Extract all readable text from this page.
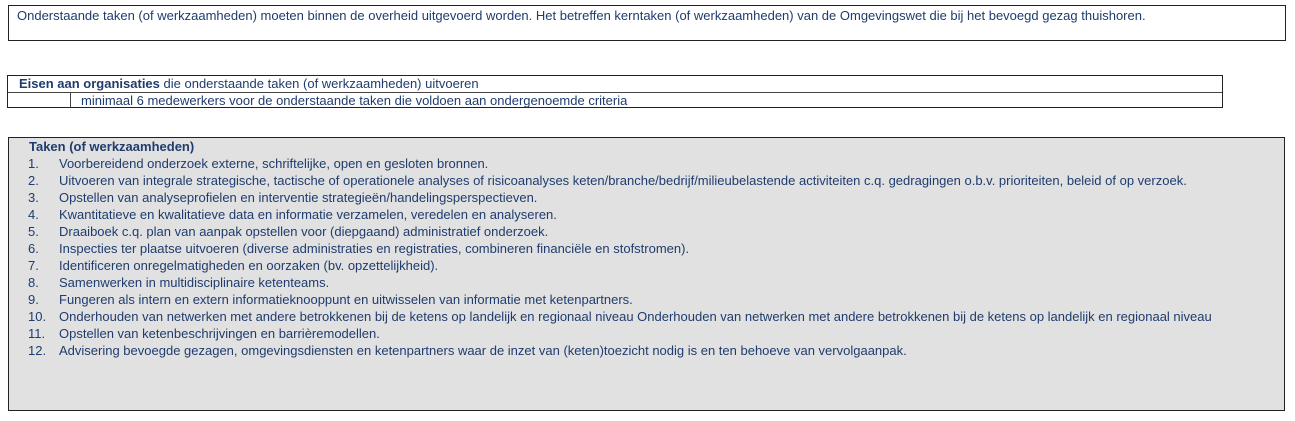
Onderstaande taken (of werkzaamheden) moeten binnen de overheid uitgevoerd worden. Het betreffen kerntaken (of werkzaamheden) van de Omgevingswet die bij het bevoegd gezag thuishoren.
Eisen aan organisaties die onderstaande taken (of werkzaamheden) uitvoeren
minimaal 6 medewerkers voor de onderstaande taken die voldoen aan ondergenoemde criteria
Taken (of werkzaamheden)
1.	Voorbereidend onderzoek externe, schriftelijke, open en gesloten bronnen.
2.	Uitvoeren van integrale strategische, tactische of operationele analyses of risicoanalyses keten/branche/bedrijf/milieubelastende activiteiten c.q. gedragingen o.b.v. prioriteiten, beleid of op verzoek.
3.	Opstellen van analyseprofielen en interventie strategieën/handelingsperspectieven.
4.	Kwantitatieve en kwalitatieve data en informatie verzamelen, veredelen en analyseren.
5.	Draaiboek c.q. plan van aanpak opstellen voor (diepgaand) administratief onderzoek.
6.	Inspecties ter plaatse uitvoeren (diverse administraties en registraties, combineren financiële en stofstromen).
7.	Identificeren onregelmatigheden en oorzaken (bv. opzettelijkheid).
8.	Samenwerken in multidisciplinaire ketenteams.
9.	Fungeren als intern en extern informatieknooppunt en uitwisselen van informatie met ketenpartners.
10. Onderhouden van netwerken met andere betrokkenen bij de ketens op landelijk en regionaal niveau Onderhouden van netwerken met andere betrokkenen bij de ketens op landelijk en regionaal niveau
11.	Opstellen van ketenbeschrijvingen en barrièremodellen.
12. Advisering bevoegde gezagen, omgevingsdiensten en ketenpartners waar de inzet van (keten)toezicht nodig is en ten behoeve van vervolgaanpak.
